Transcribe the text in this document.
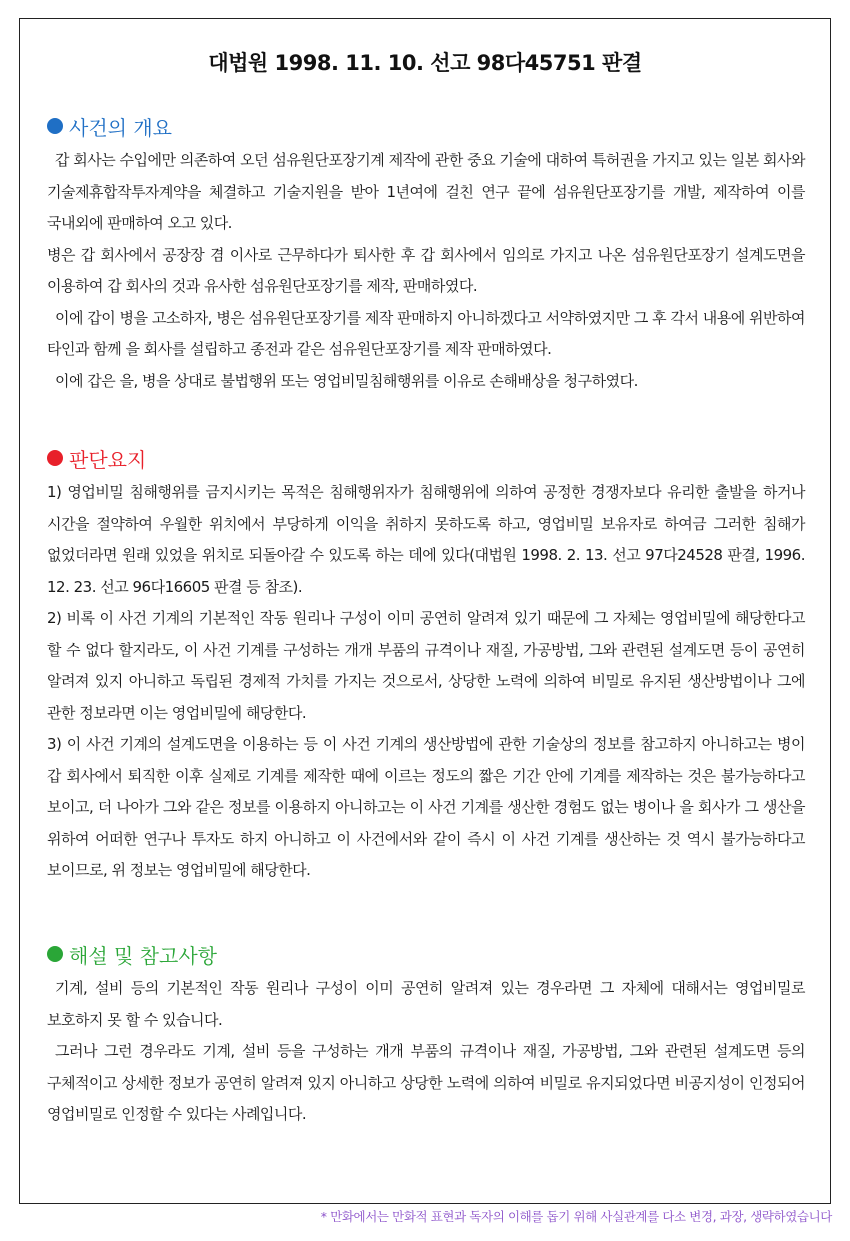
대법원 1998. 11. 10. 선고 98다45751 판결
사건의 개요

갑 회사는 수입에만 의존하여 오던 섬유원단포장기계 제작에 관한 중요 기술에 대하여 특허권을 가지고 있는 일본 회사와 기술제휴합작투자계약을 체결하고 기술지원을 받아 1년여에 걸친 연구 끝에 섬유원단포장기를 개발, 제작하여 이를 국내외에 판매하여 오고 있다.

병은 갑 회사에서 공장장 겸 이사로 근무하다가 퇴사한 후 갑 회사에서 임의로 가지고 나온 섬유원단포장기 설계도면을 이용하여 갑 회사의 것과 유사한 섬유원단포장기를 제작, 판매하였다.

이에 갑이 병을 고소하자, 병은 섬유원단포장기를 제작 판매하지 아니하겠다고 서약하였지만 그 후 각서 내용에 위반하여 타인과 함께 을 회사를 설립하고 종전과 같은 섬유원단포장기를 제작 판매하였다.

이에 갑은 을, 병을 상대로 불법행위 또는 영업비밀침해행위를 이유로 손해배상을 청구하였다.

판단요지

1) 영업비밀 침해행위를 금지시키는 목적은 침해행위자가 침해행위에 의하여 공정한 경쟁자보다 유리한 출발을 하거나 시간을 절약하여 우월한 위치에서 부당하게 이익을 취하지 못하도록 하고, 영업비밀 보유자로 하여금 그러한 침해가 없었더라면 원래 있었을 위치로 되돌아갈 수 있도록 하는 데에 있다(대법원 1998. 2. 13. 선고 97다24528 판결, 1996. 12. 23. 선고 96다16605 판결 등 참조).

2) 비록 이 사건 기계의 기본적인 작동 원리나 구성이 이미 공연히 알려져 있기 때문에 그 자체는 영업비밀에 해당한다고 할 수 없다 할지라도, 이 사건 기계를 구성하는 개개 부품의 규격이나 재질, 가공방법, 그와 관련된 설계도면 등이 공연히 알려져 있지 아니하고 독립된 경제적 가치를 가지는 것으로서, 상당한 노력에 의하여 비밀로 유지된 생산방법이나 그에 관한 정보라면 이는 영업비밀에 해당한다.

3) 이 사건 기계의 설계도면을 이용하는 등 이 사건 기계의 생산방법에 관한 기술상의 정보를 참고하지 아니하고는 병이 갑 회사에서 퇴직한 이후 실제로 기계를 제작한 때에 이르는 정도의 짧은 기간 안에 기계를 제작하는 것은 불가능하다고 보이고, 더 나아가 그와 같은 정보를 이용하지 아니하고는 이 사건 기계를 생산한 경험도 없는 병이나 을 회사가 그 생산을 위하여 어떠한 연구나 투자도 하지 아니하고 이 사건에서와 같이 즉시 이 사건 기계를 생산하는 것 역시 불가능하다고 보이므로, 위 정보는 영업비밀에 해당한다.

해설 및 참고사항

기계, 설비 등의 기본적인 작동 원리나 구성이 이미 공연히 알려져 있는 경우라면 그 자체에 대해서는 영업비밀로 보호하지 못 할 수 있습니다.

그러나 그런 경우라도 기계, 설비 등을 구성하는 개개 부품의 규격이나 재질, 가공방법, 그와 관련된 설계도면 등의 구체적이고 상세한 정보가 공연히 알려져 있지 아니하고 상당한 노력에 의하여 비밀로 유지되었다면 비공지성이 인정되어 영업비밀로 인정할 수 있다는 사례입니다.

* 만화에서는 만화적 표현과 독자의 이해를 돕기 위해 사실관계를 다소 변경, 과장, 생략하였습니다
